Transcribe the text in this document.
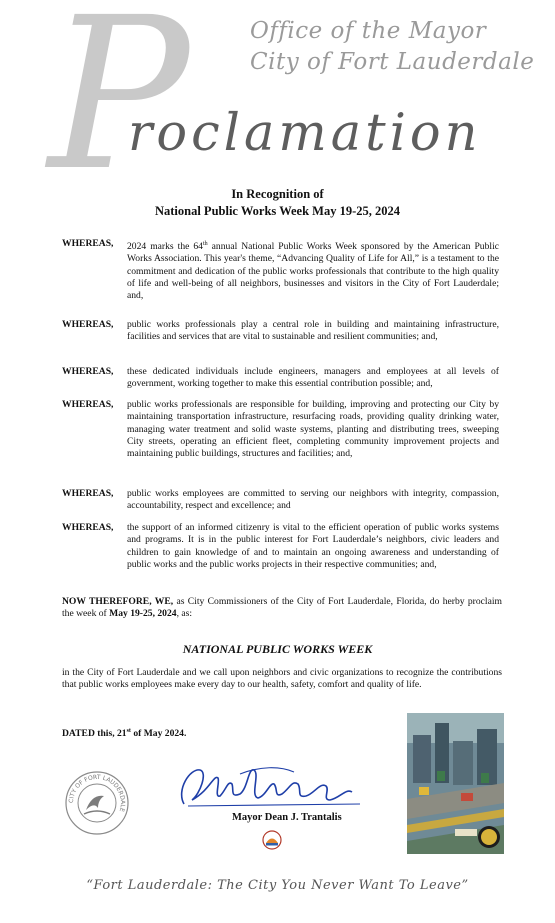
P	Office of the Mayor
City of Fort Lauderdale
roclamation
In Recognition of
National Public Works Week May 19-25, 2024
WHEREAS, 2024 marks the 64th annual National Public Works Week sponsored by the American Public Works Association. This year's theme, “Advancing Quality of Life for All,” is a testament to the commitment and dedication of the public works professionals that contribute to the high quality of life and well-being of all neighbors, businesses and visitors in the City of Fort Lauderdale; and,
WHEREAS, public works professionals play a central role in building and maintaining infrastructure, facilities and services that are vital to sustainable and resilient communities; and,
WHEREAS, these dedicated individuals include engineers, managers and employees at all levels of government, working together to make this essential contribution possible; and,
WHEREAS, public works professionals are responsible for building, improving and protecting our City by maintaining transportation infrastructure, resurfacing roads, providing quality drinking water, managing water treatment and solid waste systems, planting and distributing trees, sweeping City streets, operating an efficient fleet, completing community improvement projects and maintaining public buildings, structures and facilities; and,
WHEREAS, public works employees are committed to serving our neighbors with integrity, compassion, accountability, respect and excellence; and
WHEREAS, the support of an informed citizenry is vital to the efficient operation of public works systems and programs. It is in the public interest for Fort Lauderdale’s neighbors, civic leaders and children to gain knowledge of and to maintain an ongoing awareness and understanding of public works and the public works projects in their respective communities; and,
NOW THEREFORE, WE, as City Commissioners of the City of Fort Lauderdale, Florida, do herby proclaim the week of May 19-25, 2024, as:
NATIONAL PUBLIC WORKS WEEK
in the City of Fort Lauderdale and we call upon neighbors and civic organizations to recognize the contributions that public works employees make every day to our health, safety, comfort and quality of life.
DATED this, 21st of May 2024.
CITY OF FORT LAUDERDALE
Mayor Dean J. Trantalis
“Fort Lauderdale: The City You Never Want To Leave”
